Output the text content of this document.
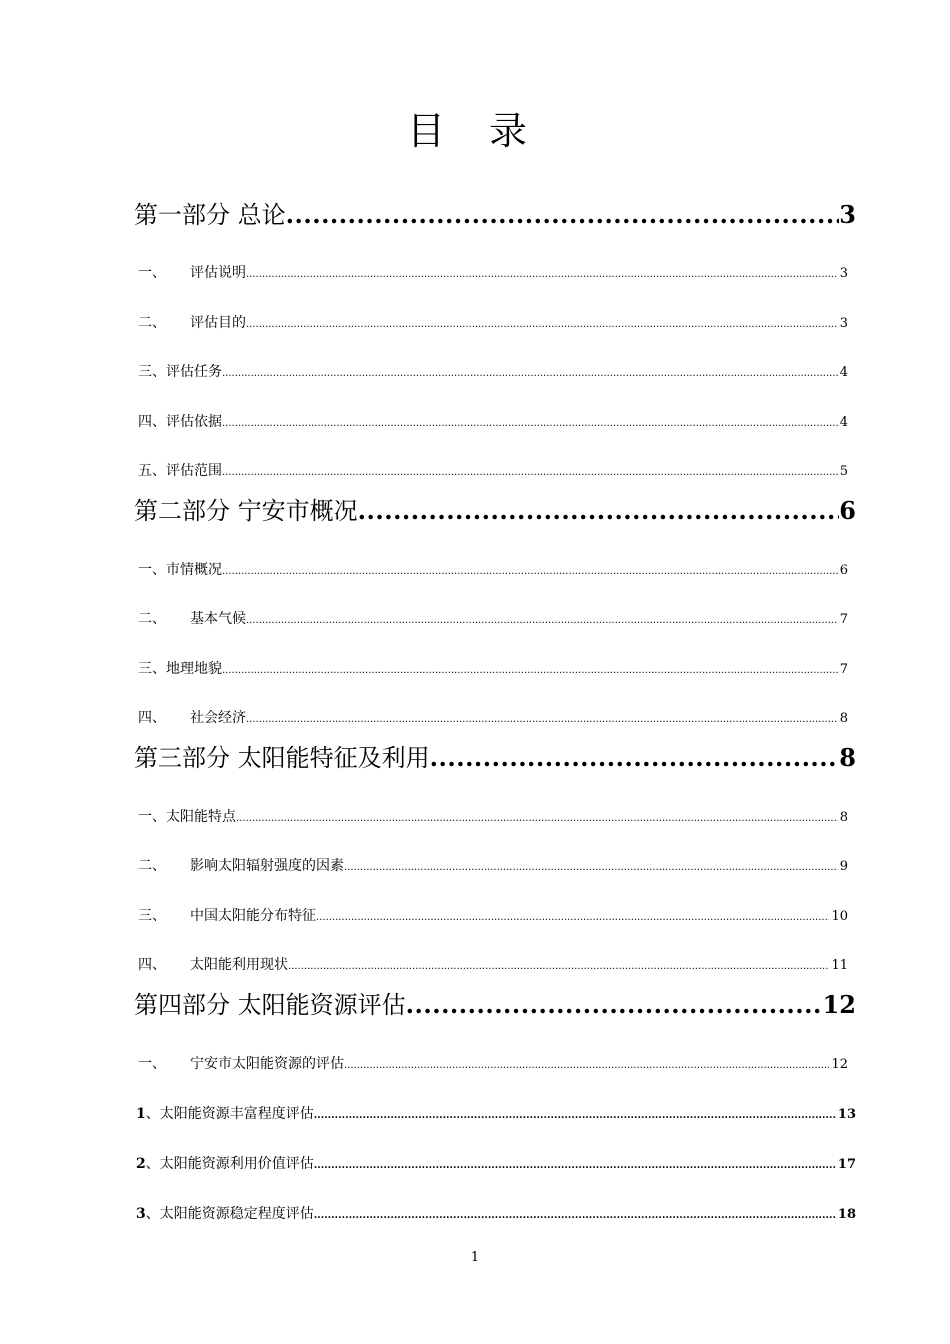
目 录
第一部分 总论 .....	3
一、 评估说明 .....	3
二、 评估目的 .....	3
三、评估任务 .....	4
四、评估依据 .....	4
五、评估范围 .....	5
第二部分 宁安市概况 .....	6
一、市情概况 .....	6
二、 基本气候 .....	7
三、地理地貌 .....	7
四、 社会经济 .....	8
第三部分 太阳能特征及利用 .....	8
一、太阳能特点 .....	8
二、 影响太阳辐射强度的因素 .....	9
三、 中国太阳能分布特征 .....	10
四、 太阳能利用现状 .....	11
第四部分 太阳能资源评估 .....	12
一、 宁安市太阳能资源的评估 .....	12
1、太阳能资源丰富程度评估 .....	13
2、太阳能资源利用价值评估 .....	17
3、太阳能资源稳定程度评估 .....	18
1
